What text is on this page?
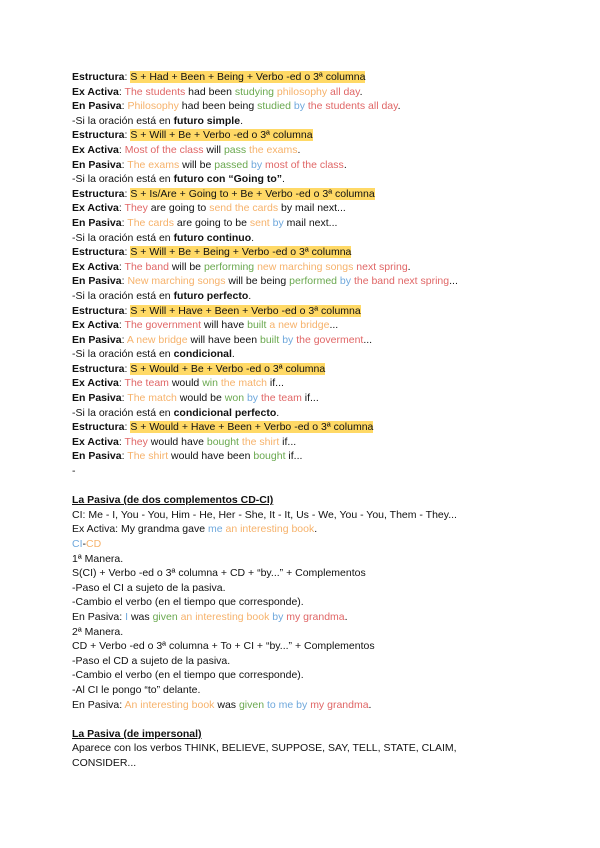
Estructura: S + Had + Been + Being + Verbo -ed o 3ª columna
Ex Activa: The students had been studying philosophy all day.
En Pasiva: Philosophy had been being studied by the students all day.
-Si la oración está en futuro simple.
Estructura: S + Will + Be + Verbo -ed o 3ª columna
Ex Activa: Most of the class will pass the exams.
En Pasiva: The exams will be passed by most of the class.
-Si la oración está en futuro con “Going to”.
Estructura: S + Is/Are + Going to + Be + Verbo -ed o 3ª columna
Ex Activa: They are going to send the cards by mail next...
En Pasiva: The cards are going to be sent by mail next...
-Si la oración está en futuro continuo.
Estructura: S + Will + Be + Being + Verbo -ed o 3ª columna
Ex Activa: The band will be performing new marching songs next spring.
En Pasiva: New marching songs will be being performed by the band next spring...
-Si la oración está en futuro perfecto.
Estructura: S + Will + Have + Been + Verbo -ed o 3ª columna
Ex Activa: The government will have built a new bridge...
En Pasiva: A new bridge will have been built by the goverment...
-Si la oración está en condicional.
Estructura: S + Would + Be + Verbo -ed o 3ª columna
Ex Activa: The team would win the match if...
En Pasiva: The match would be won by the team if...
-Si la oración está en condicional perfecto.
Estructura: S + Would + Have + Been + Verbo -ed o 3ª columna
Ex Activa: They would have bought the shirt if...
En Pasiva: The shirt would have been bought if...
-
La Pasiva (de dos complementos CD-CI)
CI: Me - I, You - You, Him - He, Her - She, It - It, Us - We, You - You, Them - They...
Ex Activa: My grandma gave me an interesting book.
CI-CD
1ª Manera.
S(CI) + Verbo -ed o 3ª columna + CD + “by...” + Complementos
-Paso el CI a sujeto de la pasiva.
-Cambio el verbo (en el tiempo que corresponde).
En Pasiva: I was given an interesting book by my grandma.
2ª Manera.
CD + Verbo -ed o 3ª columna + To + CI + “by...” + Complementos
-Paso el CD a sujeto de la pasiva.
-Cambio el verbo (en el tiempo que corresponde).
-Al CI le pongo “to” delante.
En Pasiva: An interesting book was given to me by my grandma.
La Pasiva (de impersonal)
Aparece con los verbos THINK, BELIEVE, SUPPOSE, SAY, TELL, STATE, CLAIM,
CONSIDER...
